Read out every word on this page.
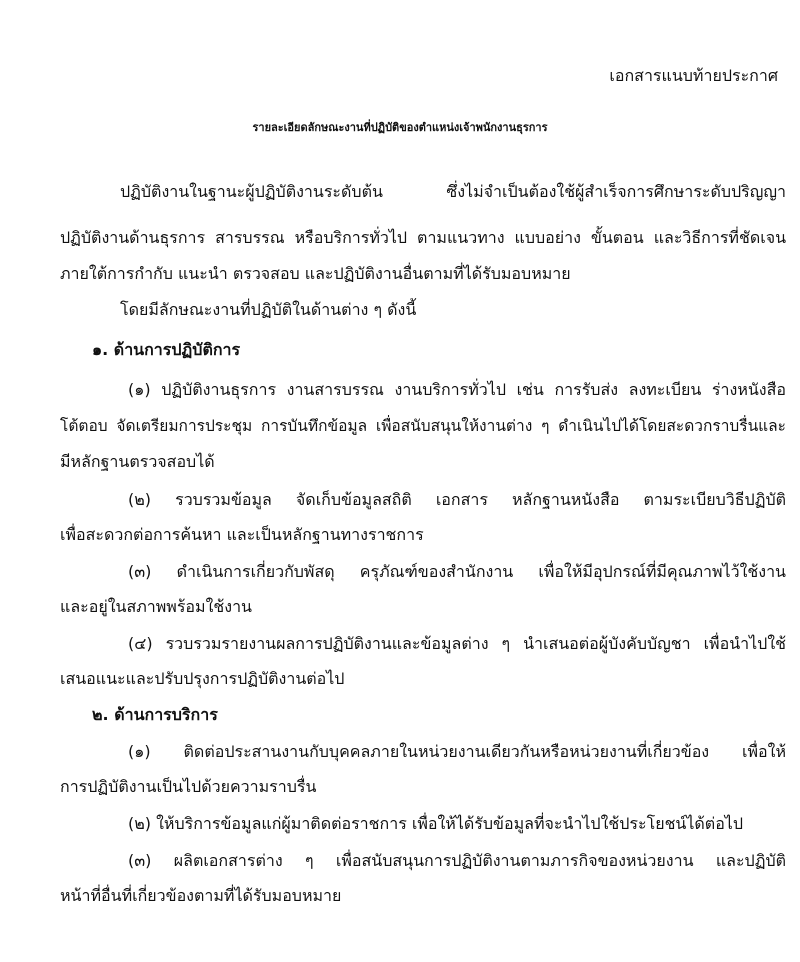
เอกสารแนบท้ายประกาศ
รายละเอียดลักษณะงานที่ปฏิบัติของตำแหน่งเจ้าพนักงานธุรการ
ปฏิบัติงานในฐานะผู้ปฏิบัติงานระดับต้น ซึ่งไม่จำเป็นต้องใช้ผู้สำเร็จการศึกษาระดับปริญญา
ปฏิบัติงานด้านธุรการ สารบรรณ หรือบริการทั่วไป ตามแนวทาง แบบอย่าง ขั้นตอน และวิธีการที่ชัดเจน
ภายใต้การกำกับ แนะนำ ตรวจสอบ และปฏิบัติงานอื่นตามที่ได้รับมอบหมาย
โดยมีลักษณะงานที่ปฏิบัติในด้านต่าง ๆ ดังนี้
๑. ด้านการปฏิบัติการ
(๑) ปฏิบัติงานธุรการ งานสารบรรณ งานบริการทั่วไป เช่น การรับส่ง ลงทะเบียน ร่างหนังสือ
โต้ตอบ จัดเตรียมการประชุม การบันทึกข้อมูล เพื่อสนับสนุนให้งานต่าง ๆ ดำเนินไปได้โดยสะดวกราบรื่นและ
มีหลักฐานตรวจสอบได้
(๒) รวบรวมข้อมูล จัดเก็บข้อมูลสถิติ เอกสาร หลักฐานหนังสือ ตามระเบียบวิธีปฏิบัติ
เพื่อสะดวกต่อการค้นหา และเป็นหลักฐานทางราชการ
(๓) ดำเนินการเกี่ยวกับพัสดุ ครุภัณฑ์ของสำนักงาน เพื่อให้มีอุปกรณ์ที่มีคุณภาพไว้ใช้งาน
และอยู่ในสภาพพร้อมใช้งาน
(๔) รวบรวมรายงานผลการปฏิบัติงานและข้อมูลต่าง ๆ นำเสนอต่อผู้บังคับบัญชา เพื่อนำไปใช้
เสนอแนะและปรับปรุงการปฏิบัติงานต่อไป
๒. ด้านการบริการ
(๑) ติดต่อประสานงานกับบุคคลภายในหน่วยงานเดียวกันหรือหน่วยงานที่เกี่ยวข้อง เพื่อให้
การปฏิบัติงานเป็นไปด้วยความราบรื่น
(๒) ให้บริการข้อมูลแก่ผู้มาติดต่อราชการ เพื่อให้ได้รับข้อมูลที่จะนำไปใช้ประโยชน์ได้ต่อไป
(๓) ผลิตเอกสารต่าง ๆ เพื่อสนับสนุนการปฏิบัติงานตามภารกิจของหน่วยงาน และปฏิบัติ
หน้าที่อื่นที่เกี่ยวข้องตามที่ได้รับมอบหมาย
